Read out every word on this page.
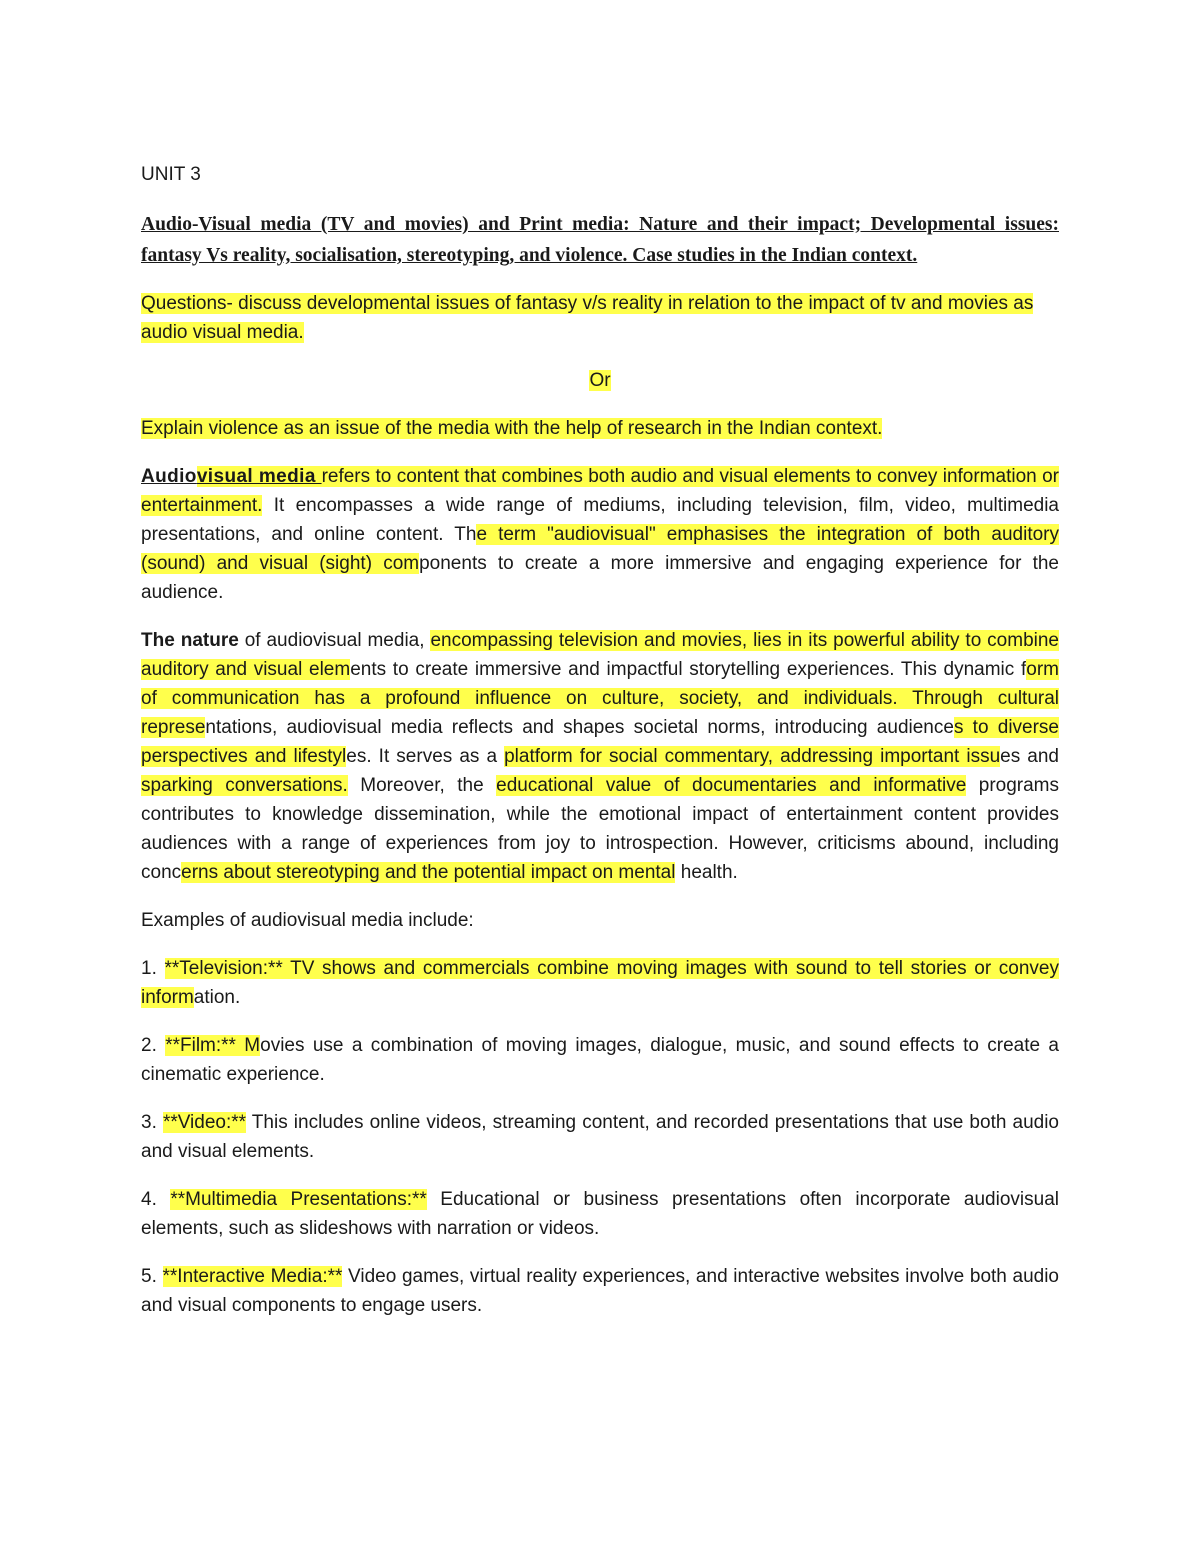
UNIT 3

Audio-Visual media (TV and movies) and Print media: Nature and their impact; Developmental issues: fantasy Vs reality, socialisation, stereotyping, and violence. Case studies in the Indian context.

Questions- discuss developmental issues of fantasy v/s reality in relation to the impact of tv and movies as audio visual media.

Or

Explain violence as an issue of the media with the help of research in the Indian context.

Audiovisual media refers to content that combines both audio and visual elements to convey information or entertainment. It encompasses a wide range of mediums, including television, film, video, multimedia presentations, and online content. The term "audiovisual" emphasises the integration of both auditory (sound) and visual (sight) components to create a more immersive and engaging experience for the audience.

The nature of audiovisual media, encompassing television and movies, lies in its powerful ability to combine auditory and visual elements to create immersive and impactful storytelling experiences. This dynamic form of communication has a profound influence on culture, society, and individuals. Through cultural representations, audiovisual media reflects and shapes societal norms, introducing audiences to diverse perspectives and lifestyles. It serves as a platform for social commentary, addressing important issues and sparking conversations. Moreover, the educational value of documentaries and informative programs contributes to knowledge dissemination, while the emotional impact of entertainment content provides audiences with a range of experiences from joy to introspection. However, criticisms abound, including concerns about stereotyping and the potential impact on mental health.

Examples of audiovisual media include:

1. **Television:** TV shows and commercials combine moving images with sound to tell stories or convey information.

2. **Film:** Movies use a combination of moving images, dialogue, music, and sound effects to create a cinematic experience.

3. **Video:** This includes online videos, streaming content, and recorded presentations that use both audio and visual elements.

4. **Multimedia Presentations:** Educational or business presentations often incorporate audiovisual elements, such as slideshows with narration or videos.

5. **Interactive Media:** Video games, virtual reality experiences, and interactive websites involve both audio and visual components to engage users.
